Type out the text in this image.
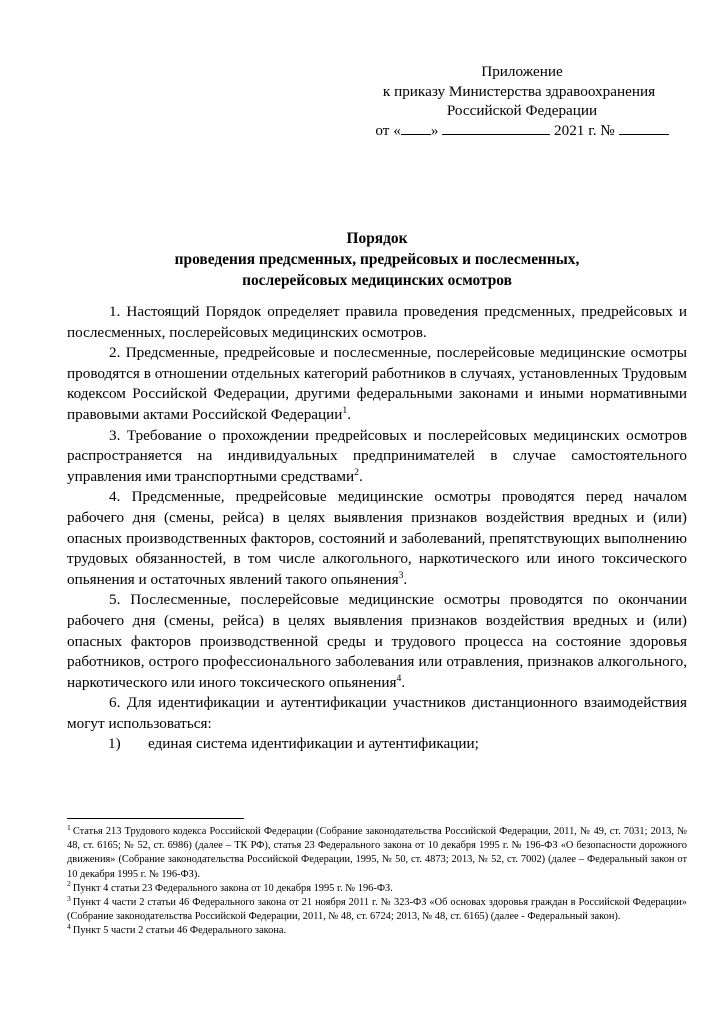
Приложение
к приказу Министерства здравоохранения
Российской Федерации
от « »	2021 г. №
Порядок
проведения предсменных, предрейсовых и послесменных,
послерейсовых медицинских осмотров

1. Настоящий Порядок определяет правила проведения предсменных, предрейсовых и послесменных, послерейсовых медицинских осмотров.

2. Предсменные, предрейсовые и послесменные, послерейсовые медицинские осмотры проводятся в отношении отдельных категорий работников в случаях, установленных Трудовым кодексом Российской Федерации, другими федеральными законами и иными нормативными правовыми актами Российской Федерации$^1$.

3. Требование о прохождении предрейсовых и послерейсовых медицинских осмотров распространяется на индивидуальных предпринимателей в случае самостоятельного управления ими транспортными средствами$^2$.

4. Предсменные, предрейсовые медицинские осмотры проводятся перед началом рабочего дня (смены, рейса) в целях выявления признаков воздействия вредных и (или) опасных производственных факторов, состояний и заболеваний, препятствующих выполнению трудовых обязанностей, в том числе алкогольного, наркотического или иного токсического опьянения и остаточных явлений такого опьянения$^3$.

5. Послесменные, послерейсовые медицинские осмотры проводятся по окончании рабочего дня (смены, рейса) в целях выявления признаков воздействия вредных и (или) опасных факторов производственной среды и трудового процесса на состояние здоровья работников, острого профессионального заболевания или отравления, признаков алкогольного, наркотического или иного токсического опьянения$^4$.

6. Для идентификации и аутентификации участников дистанционного взаимодействия могут использоваться:

1)	единая система идентификации и аутентификации;

$^1$ Статья 213 Трудового кодекса Российской Федерации (Собрание законодательства Российской Федерации, 2011, № 49, ст. 7031; 2013, № 48, ст. 6165; № 52, ст. 6986) (далее – ТК РФ), статья 23 Федерального закона от 10 декабря 1995 г. № 196-ФЗ «О безопасности дорожного движения» (Собрание законодательства Российской Федерации, 1995, № 50, ст. 4873; 2013, № 52, ст. 7002) (далее – Федеральный закон от 10 декабря 1995 г. № 196-ФЗ).

$^2$ Пункт 4 статьи 23 Федерального закона от 10 декабря 1995 г. № 196-ФЗ.

$^3$ Пункт 4 части 2 статьи 46 Федерального закона от 21 ноября 2011 г. № 323-ФЗ «Об основах здоровья граждан в Российской Федерации» (Собрание законодательства Российской Федерации, 2011, № 48, ст. 6724; 2013, № 48, ст. 6165) (далее - Федеральный закон).

$^4$ Пункт 5 части 2 статьи 46 Федерального закона.
